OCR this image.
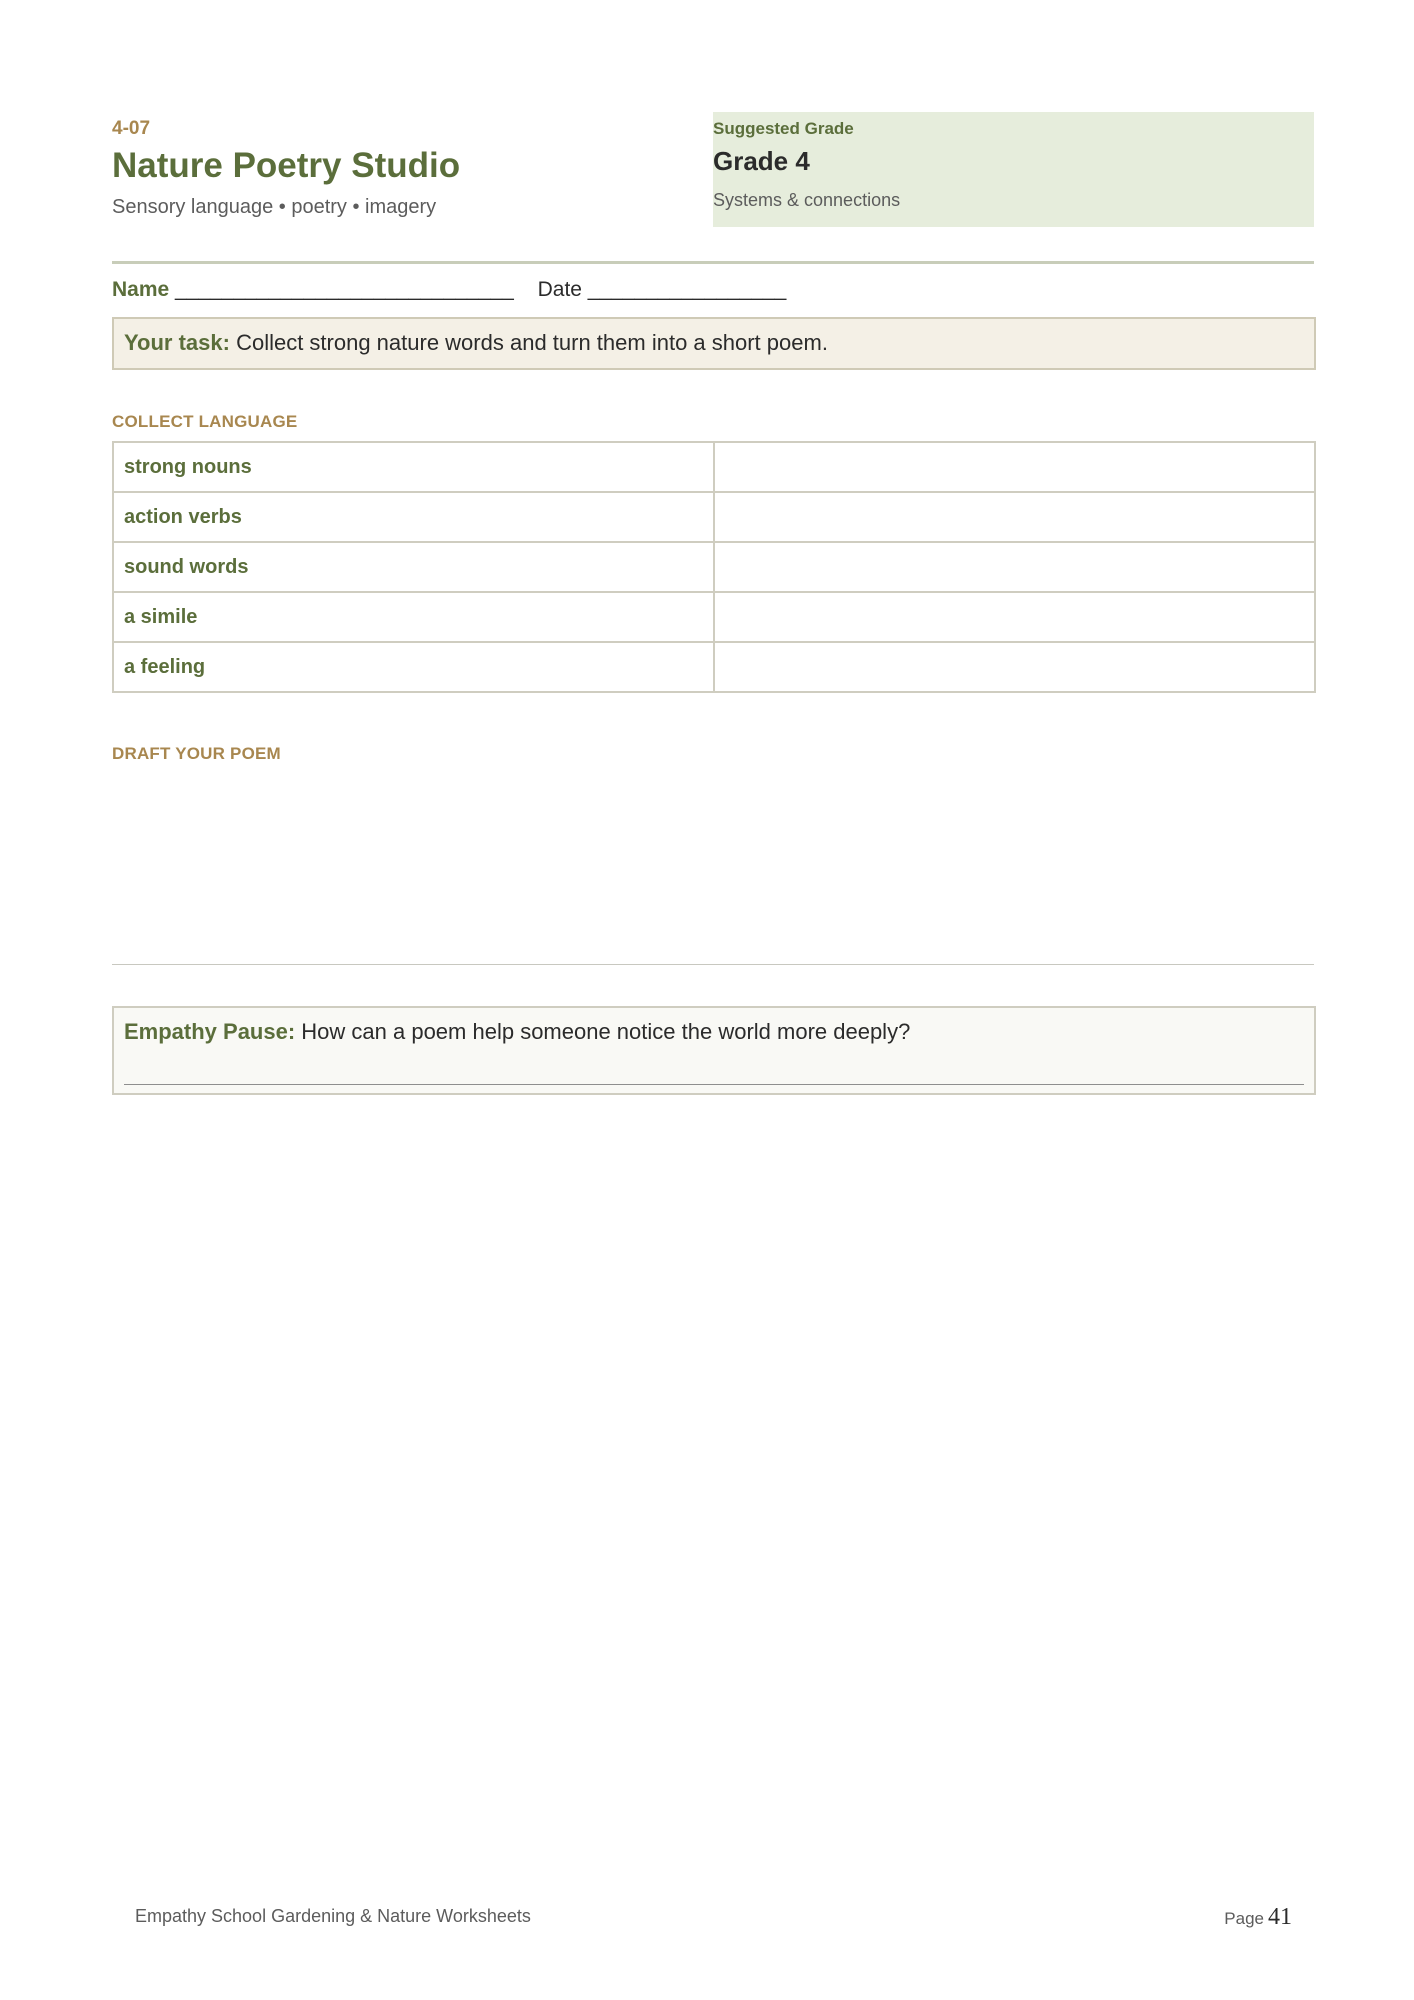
4-07
Nature Poetry Studio
Sensory language • poetry • imagery
Suggested Grade
Grade 4
Systems & connections
Name _____________________________ Date _________________
Your task: Collect strong nature words and turn them into a short poem.
COLLECT LANGUAGE
strong nouns	
action verbs	
sound words	
a simile	
a feeling	
DRAFT YOUR POEM
Empathy Pause: How can a poem help someone notice the world more deeply?
Empathy School Gardening & Nature Worksheets	Page 41
